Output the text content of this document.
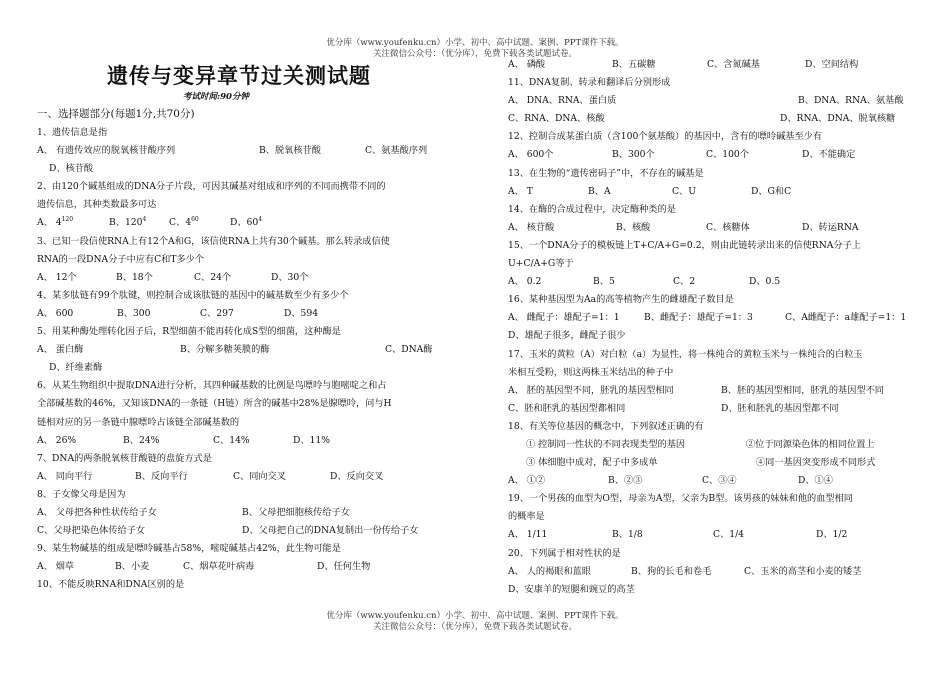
优分库（www.youfenku.cn）小学、初中、高中试题、案例、PPT课件下载。
关注微信公众号：（优分库），免费下载各类试题试卷。
遗传与变异章节过关测试题
考试时间:90分钟
一、选择题部分(每题1分,共70分)
1、遗传信息是指
A、 有遗传效应的脱氧核苷酸序列	B、脱氧核苷酸	C、氨基酸序列
D、核苷酸
2、由120个碱基组成的DNA分子片段，可因其碱基对组成和序列的不同而携带不同的
遗传信息，其种类数最多可达
A、 $4^{120}$	B、$120^4$ C、$4^{60}$	D、$60^4$
3、已知一段信使RNA上有12个A和G，该信使RNA上共有30个碱基。那么转录成信使
RNA的一段DNA分子中应有C和T多少个
A、 12个	B、18个	C、24个	D、30个
4、某多肽链有99个肽键，则控制合成该肽链的基因中的碱基数至少有多少个
A、 600	B、300	C、297	D、594
5、用某种酶处理转化因子后，R型细菌不能再转化成S型的细菌，这种酶是
A、 蛋白酶	B、分解多糖荚膜的酶	C、DNA酶
D、纤维素酶
6、从某生物组织中提取DNA进行分析，其四种碱基数的比例是鸟嘌呤与胞嘧啶之和占
全部碱基数的46%，又知该DNA的一条链（H链）所含的碱基中28%是腺嘌呤，问与H
链相对应的另一条链中腺嘌呤占该链全部碱基数的
A、 26%	B、24%	C、14%	D、11%
7、DNA的两条脱氧核苷酸链的盘旋方式是
A、 同向平行	B、反向平行	C、同向交叉	D、反向交叉
8、子女像父母是因为
A、 父母把各种性状传给子女	B、父母把细胞核传给子女
C、父母把染色体传给子女	D、父母把自己的DNA复制出一份传给子女
9、某生物碱基的组成是嘌呤碱基占58%，嘧啶碱基占42%，此生物可能是
A、 烟草	B、小麦	C、烟草花叶病毒	D、任何生物
10、不能反映RNA和DNA区别的是
A、 磷酸	B、五碳糖	C、含氮碱基	D、空间结构
11、DNA复制、转录和翻译后分别形成
A、 DNA、RNA、蛋白质	B、DNA、RNA、氨基酸
C、RNA、DNA、核酸	D、RNA、DNA、脱氧核糖
12、控制合成某蛋白质（含100个氨基酸）的基因中，含有的嘌呤碱基至少有
A、 600个	B、300个	C、100个	D、不能确定
13、在生物的“遗传密码子”中，不存在的碱基是
A、 T	B、A	C、U	D、G和C
14、在酶的合成过程中，决定酶种类的是
A、 核苷酸	B、核酸	C、核糖体	D、转运RNA
15、一个DNA分子的模板链上T+C/A+G=0.2，则由此链转录出来的信使RNA分子上
U+C/A+G等于
A、 0.2	B、5	C、2	D、0.5
16、某种基因型为Aa的高等植物产生的雌雄配子数目是
A、 雌配子：雄配子=1：1	B、雌配子：雄配子=1：3	C、A雌配子：a雄配子=1：1
D、雄配子很多，雌配子很少
17、玉米的黄粒（A）对白粒（a）为显性，将一株纯合的黄粒玉米与一株纯合的白粒玉
米相互受粉，则这两株玉米结出的种子中
A、 胚的基因型不同，胚乳的基因型相同	B、胚的基因型相同，胚乳的基因型不同
C、胚和胚乳的基因型都相同	D、胚和胚乳的基因型都不同
18、有关等位基因的概念中，下列叙述正确的有
① 控制同一性状的不同表现类型的基因	②位于同源染色体的相同位置上
③ 体细胞中成对，配子中多成单	④同一基因突变形成不同形式
A、 ①②	B、②③	C、③④	D、①④
19、一个男孩的血型为O型，母亲为A型，父亲为B型。该男孩的妹妹和他的血型相同
的概率是
A、 1/11	B、1/8	C、1/4	D、1/2
20、下列属于相对性状的是
A、 人的褐眼和蓝眼	B、狗的长毛和卷毛	C、玉米的高茎和小麦的矮茎
D、安康羊的短腿和豌豆的高茎
优分库（www.youfenku.cn）小学、初中、高中试题、案例、PPT课件下载。
关注微信公众号：（优分库），免费下载各类试题试卷。
